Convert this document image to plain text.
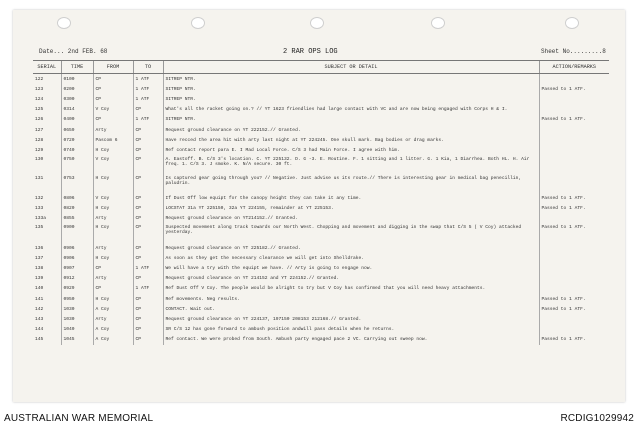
Date... 2nd FEB. 68	2 RAR OPS LOG	Sheet No.........8
SERIAL	TIME	FROM	TO	SUBJECT OR DETAIL	ACTION/REMARKS
122	0100	CP	1 ATF	SITREP NTR.	
123	0200	CP	1 ATF	SITREP NTR.	Passed to 1 ATF.
124	0300	CP	1 ATF	SITREP NTR.	
125	0314	V Coy	CP	What's all the racket going on.? // YT 1623 friendlies had large contact with VC and are now being engaged with Corps H & I.	
126	0400	CP	1 ATF	SITREP NTR.	Passed to 1 ATF.
127	0659	Arty	CP	Request ground clearance on YT 222152.// Granted.	
128	0720	Pascom 6	CP	Have recced the area hit with arty last night at YT 224245. One skull mark. Bag bodies or drag marks.	
129	0740	H Coy	CP	Ref contact report para E. I Mad Local Force. C/S 3 had Main Force. I agree with him.	
130	0750	V Coy	CP	A. Eastoff. B. C/S 3's location. C. YT 225132. D. G -3. E. Routine. F. 1 sitting and 1 litter. G. 1 Kia, 1 Diarrhea. Both HL. H. Air freq. 1. C/S 3. J smoke. K. N/A secure. 30 ft.	
131	0753	H Coy	CP	Is captured gear going through you? // Negative. Just advise us its route.// There is interesting gear in medical bag penecillin, paludrin.	
132	0806	V Coy	CP	If Dust Off low equipt for the canopy height they can take it any time.	Passed to 1 ATF.
133	0820	H Coy	CP	LOCSTAT 31a YT 225150, 32a YT 224155, remainder at YT 225153.	Passed to 1 ATF.
133a	0855	Arty	CP	Request ground clearance on YT214152.// Granted.	
135	0900	H Coy	CP	Suspected movement along track towards our North West. Chopping and movement and digging in the swap that C/S 5 ( V Coy) attacked yesterday.	Passed to 1 ATF.
136	0906	Arty	CP	Request ground clearance on YT 225182.// Granted.	
137	0906	H Coy	CP	As soon as they get the necessary clearance we will get into Shelldrake.	
138	0907	CP	1 ATF	We will have a try with the equipt we have. // Arty is going to engage now.	
139	0912	Arty	CP	Request ground clearance on YT 214152 and YT 224152.// Granted.	
140	0929	CP	1 ATF	Ref Dust Off V Coy. The people would be alright to try but V Coy has confirmed that you will need heavy attachments.	
141	0950	H Coy	CP	Ref movements. Neg results.	Passed to 1 ATF.
142	1030	A Coy	CP	CONTACT. Wait out.	Passed to 1 ATF.
143	1030	Arty	CP	Request ground clearance on YT 224137, 197150 208153 212168.// Granted.	
144	1040	A Coy	CP	SR C/S 12 has gone forward to ambush position andwill pass details when he returns.	
145	1045	A Coy	CP	Ref contact. We were probed from South. Ambush party engaged pace 2 VC. Carrying out sweep now.	Passed to 1 ATF.
AUSTRALIAN WAR MEMORIAL	RCDIG1029942
